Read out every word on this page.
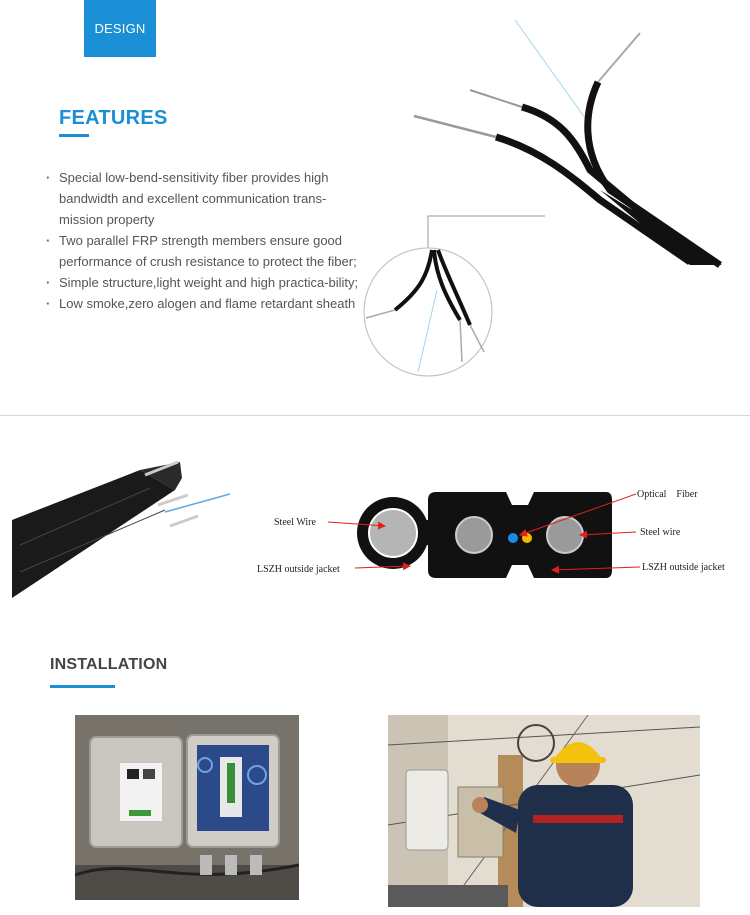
DESIGN
FEATURES
· Special low-bend-sensitivity fiber provides high bandwidth and excellent communication trans-mission property
· Two parallel FRP strength members ensure good performance of crush resistance to protect the fiber;
· Simple structure,light weight and high practica-bility;
· Low smoke,zero alogen and flame retardant sheath
Steel Wire
LSZH outside jacket
Optical    Fiber
Steel wire
LSZH outside jacket
INSTALLATION
